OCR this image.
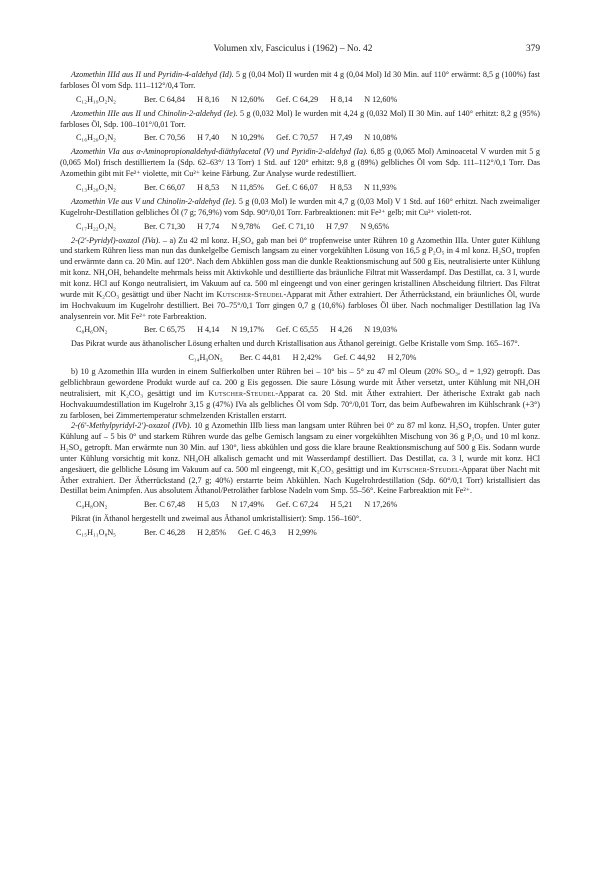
Volumen xlv, Fasciculus i (1962) – No. 42	379

Azomethin IIId aus II und Pyridin-4-aldehyd (Id). 5 g (0,04 Mol) II wurden mit 4 g (0,04 Mol) Id 30 Min. auf 110° erwärmt: 8,5 g (100%) fast farbloses Öl vom Sdp. 111–112°/0,4 Torr.

C₁₂H₁₉O₂N₂	Ber. C 64,84 H 8,16 N 12,60% Gef. C 64,29 H 8,14 N 12,60%

Azomethin IIIe aus II und Chinolin-2-aldehyd (Ie). 5 g (0,032 Mol) Ie wurden mit 4,24 g (0,032 Mol) II 30 Min. auf 140° erhitzt: 8,2 g (95%) farbloses Öl, Sdp. 100–101°/0,01 Torr.

C₁₆H₂₀O₂N₂	Ber. C 70,56 H 7,40 N 10,29% Gef. C 70,57 H 7,49 N 10,08%

Azomethin VIa aus α-Aminopropionaldehyd-diäthylacetal (V) und Pyridin-2-aldehyd (Ia). 6,85 g (0,065 Mol) Aminoacetal V wurden mit 5 g (0,065 Mol) frisch destilliertem Ia (Sdp. 62–63°/ 13 Torr) 1 Std. auf 120° erhitzt: 9,8 g (89%) gelbliches Öl vom Sdp. 111–112°/0,1 Torr. Das Azomethin gibt mit Fe²⁺ violette, mit Cu²⁺ keine Färbung. Zur Analyse wurde redestilliert.

C₁₃H₂₀O₂N₂	Ber. C 66,07 H 8,53 N 11,85% Gef. C 66,07 H 8,53 N 11,93%

Azomethin VIe aus V und Chinolin-2-aldehyd (Ie). 5 g (0,03 Mol) Ie wurden mit 4,7 g (0,03 Mol) V 1 Std. auf 160° erhitzt. Nach zweimaliger Kugelrohr-Destillation gelbliches Öl (7 g; 76,9%) vom Sdp. 90°/0,01 Torr. Farbreaktionen: mit Fe²⁺ gelb; mit Cu²⁺ violett-rot.

C₁₇H₂₂O₂N₂	Ber. C 71,30 H 7,74 N 9,78% Gef. C 71,10 H 7,97 N 9,65%

2-(2′-Pyridyl)-oxazol (IVa). – a) Zu 42 ml konz. H₂SO₄ gab man bei 0° tropfenweise unter Rühren 10 g Azomethin IIIa. Unter guter Kühlung und starkem Rühren liess man nun das dunkelgelbe Gemisch langsam zu einer vorgekühlten Lösung von 16,5 g P₂O₅ in 4 ml konz. H₂SO₄ tropfen und erwärmte dann ca. 20 Min. auf 120°. Nach dem Abkühlen goss man die dunkle Reaktionsmischung auf 500 g Eis, neutralisierte unter Kühlung mit konz. NH₄OH, behandelte mehrmals heiss mit Aktivkohle und destillierte das bräunliche Filtrat mit Wasserdampf. Das Destillat, ca. 3 l, wurde mit konz. HCl auf Kongo neutralisiert, im Vakuum auf ca. 500 ml eingeengt und von einer geringen kristallinen Abscheidung filtriert. Das Filtrat wurde mit K₂CO₃ gesättigt und über Nacht im Kutscher-Steudel-Apparat mit Äther extrahiert. Der Ätherrückstand, ein bräunliches Öl, wurde im Hochvakuum im Kugelrohr destilliert. Bei 70–75°/0,1 Torr gingen 0,7 g (10,6%) farbloses Öl über. Nach nochmaliger Destillation lag IVa analysenrein vor. Mit Fe²⁺ rote Farbreaktion.

C₈H₆ON₂	Ber. C 65,75 H 4,14 N 19,17% Gef. C 65,55 H 4,26 N 19,03%

Das Pikrat wurde aus äthanolischer Lösung erhalten und durch Kristallisation aus Äthanol gereinigt. Gelbe Kristalle vom Smp. 165–167°.

C₁₄H₉ON₅ Ber. C 44,81 H 2,42% Gef. C 44,92 H 2,70%

b) 10 g Azomethin IIIa wurden in einem Sulfierkolben unter Rühren bei – 10° bis – 5° zu 47 ml Oleum (20% SO₃, d = 1,92) getropft. Das gelblichbraun gewordene Produkt wurde auf ca. 200 g Eis gegossen. Die saure Lösung wurde mit Äther versetzt, unter Kühlung mit NH₄OH neutralisiert, mit K₂CO₃ gesättigt und im Kutscher-Steudel-Apparat ca. 20 Std. mit Äther extrahiert. Der ätherische Extrakt gab nach Hochvakuumdestillation im Kugelrohr 3,15 g (47%) IVa als gelbliches Öl vom Sdp. 70°/0,01 Torr, das beim Aufbewahren im Kühlschrank (+3°) zu farblosen, bei Zimmertemperatur schmelzenden Kristallen erstarrt.

2-(6′-Methylpyridyl-2′)-oxazol (IVb). 10 g Azomethin IIIb liess man langsam unter Rühren bei 0° zu 87 ml konz. H₂SO₄ tropfen. Unter guter Kühlung auf – 5 bis 0° und starkem Rühren wurde das gelbe Gemisch langsam zu einer vorgekühlten Mischung von 36 g P₂O₅ und 10 ml konz. H₂SO₄ getropft. Man erwärmte nun 30 Min. auf 130°, liess abkühlen und goss die klare braune Reaktionsmischung auf 500 g Eis. Sodann wurde unter Kühlung vorsichtig mit konz. NH₄OH alkalisch gemacht und mit Wasserdampf destilliert. Das Destillat, ca. 3 l, wurde mit konz. HCl angesäuert, die gelbliche Lösung im Vakuum auf ca. 500 ml eingeengt, mit K₂CO₃ gesättigt und im Kutscher-Steudel-Apparat über Nacht mit Äther extrahiert. Der Ätherrückstand (2,7 g; 40%) erstarrte beim Abkühlen. Nach Kugelrohrdestillation (Sdp. 60°/0,1 Torr) kristallisiert das Destillat beim Animpfen. Aus absolutem Äthanol/Petroläther farblose Nadeln vom Smp. 55–56°. Keine Farbreaktion mit Fe²⁺.

C₉H₈ON₂	Ber. C 67,48 H 5,03 N 17,49% Gef. C 67,24 H 5,21 N 17,26%

Pikrat (in Äthanol hergestellt und zweimal aus Äthanol umkristallisiert): Smp. 156–160°.

C₁₅H₁₁O₈N₅	Ber. C 46,28 H 2,85% Gef. C 46,3 H 2,99%
